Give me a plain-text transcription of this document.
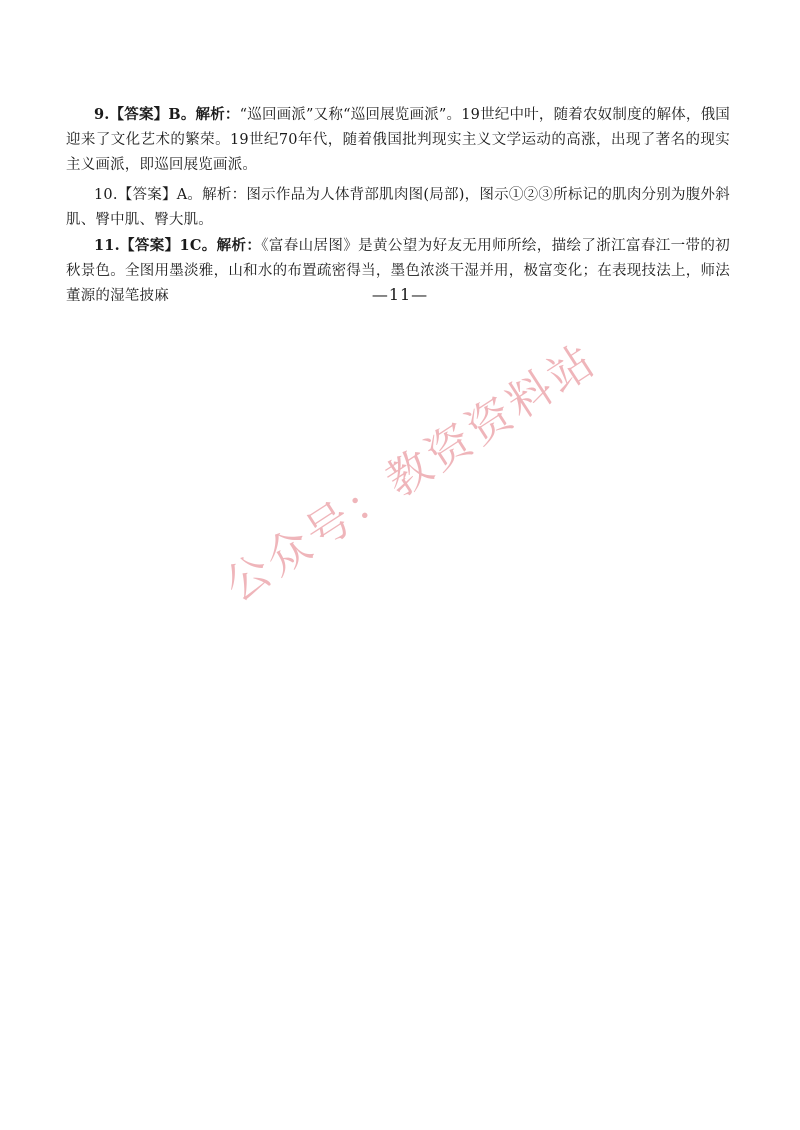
9.【答案】B。解析：“巡回画派”又称“巡回展览画派”。19世纪中叶，随着农奴制度的解体，俄国迎来了文化艺术的繁荣。19世纪70年代，随着俄国批判现实主义文学运动的高涨，出现了著名的现实主义画派，即巡回展览画派。

10.【答案】A。解析：图示作品为人体背部肌肉图(局部)，图示①②③所标记的肌肉分别为腹外斜肌、臀中肌、臀大肌。

11.【答案】1C。解析：《富春山居图》是黄公望为好友无用师所绘，描绘了浙江富春江一带的初秋景色。全图用墨淡雅，山和水的布置疏密得当，墨色浓淡干湿并用，极富变化；在表现技法上，师法董源的湿笔披麻	—11—
公众号：教资资料站
